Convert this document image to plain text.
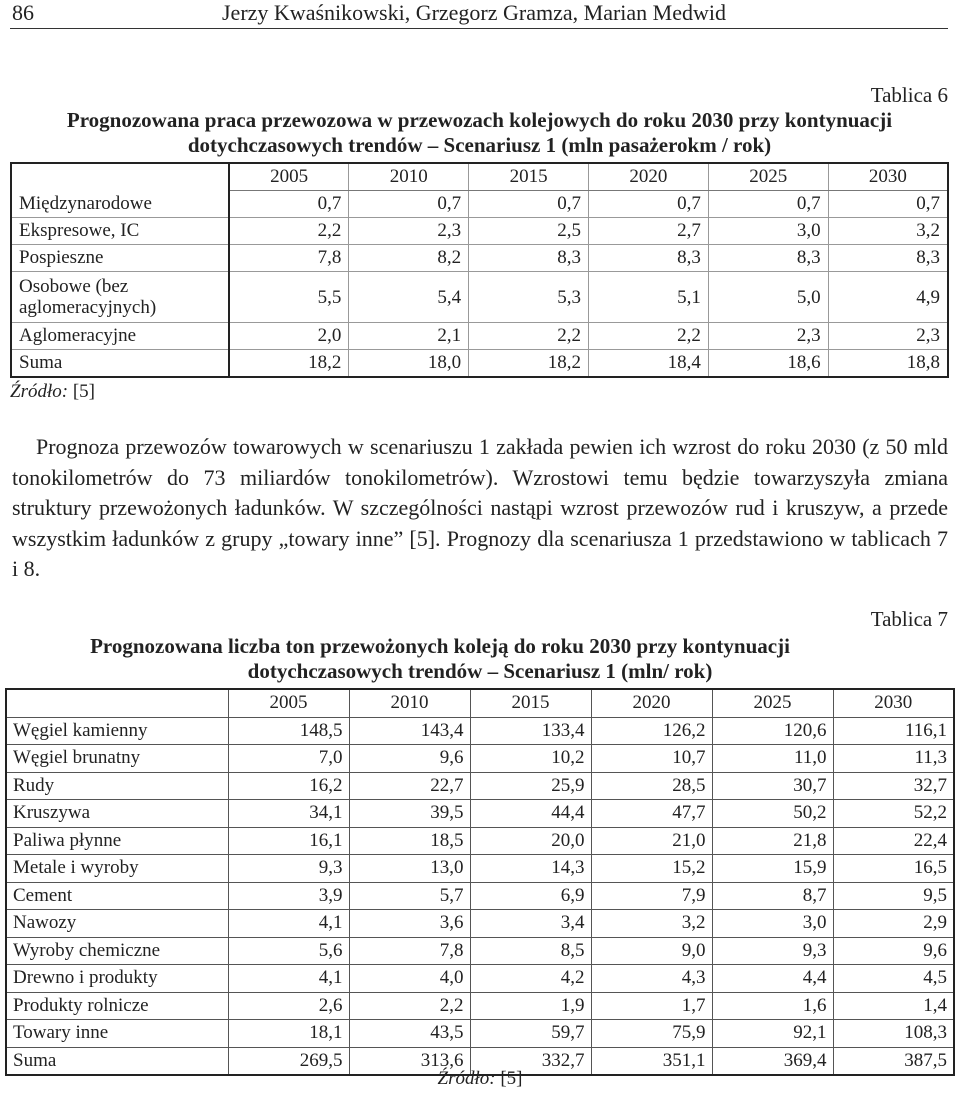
86	Jerzy Kwaśnikowski, Grzegorz Gramza, Marian Medwid
Tablica 6
Prognozowana praca przewozowa w przewozach kolejowych do roku 2030 przy kontynuacji
dotychczasowych trendów – Scenariusz 1 (mln pasażerokm / rok)
	2005	2010	2015	2020	2025	2030
Międzynarodowe	0,7	0,7	0,7	0,7	0,7	0,7
Ekspresowe, IC	2,2	2,3	2,5	2,7	3,0	3,2
Pospieszne	7,8	8,2	8,3	8,3	8,3	8,3
Osobowe (bez aglomeracyjnych)	5,5	5,4	5,3	5,1	5,0	4,9
Aglomeracyjne	2,0	2,1	2,2	2,2	2,3	2,3
Suma	18,2	18,0	18,2	18,4	18,6	18,8
Źródło: [5]
Prognoza przewozów towarowych w scenariuszu 1 zakłada pewien ich wzrost do roku 2030 (z 50 mld tonokilometrów do 73 miliardów tonokilometrów). Wzrostowi temu będzie towarzyszyła zmiana struktury przewożonych ładunków. W szczególności nastąpi wzrost przewozów rud i kruszyw, a przede wszystkim ładunków z grupy „towary inne” [5]. Prognozy dla scenariusza 1 przedstawiono w tablicach 7 i 8.
Tablica 7
Prognozowana liczba ton przewożonych koleją do roku 2030 przy kontynuacji
dotychczasowych trendów – Scenariusz 1 (mln/ rok)
	2005	2010	2015	2020	2025	2030
Węgiel kamienny	148,5	143,4	133,4	126,2	120,6	116,1
Węgiel brunatny	7,0	9,6	10,2	10,7	11,0	11,3
Rudy	16,2	22,7	25,9	28,5	30,7	32,7
Kruszywa	34,1	39,5	44,4	47,7	50,2	52,2
Paliwa płynne	16,1	18,5	20,0	21,0	21,8	22,4
Metale i wyroby	9,3	13,0	14,3	15,2	15,9	16,5
Cement	3,9	5,7	6,9	7,9	8,7	9,5
Nawozy	4,1	3,6	3,4	3,2	3,0	2,9
Wyroby chemiczne	5,6	7,8	8,5	9,0	9,3	9,6
Drewno i produkty	4,1	4,0	4,2	4,3	4,4	4,5
Produkty rolnicze	2,6	2,2	1,9	1,7	1,6	1,4
Towary inne	18,1	43,5	59,7	75,9	92,1	108,3
Suma	269,5	313,6	332,7	351,1	369,4	387,5
Źródło: [5]
